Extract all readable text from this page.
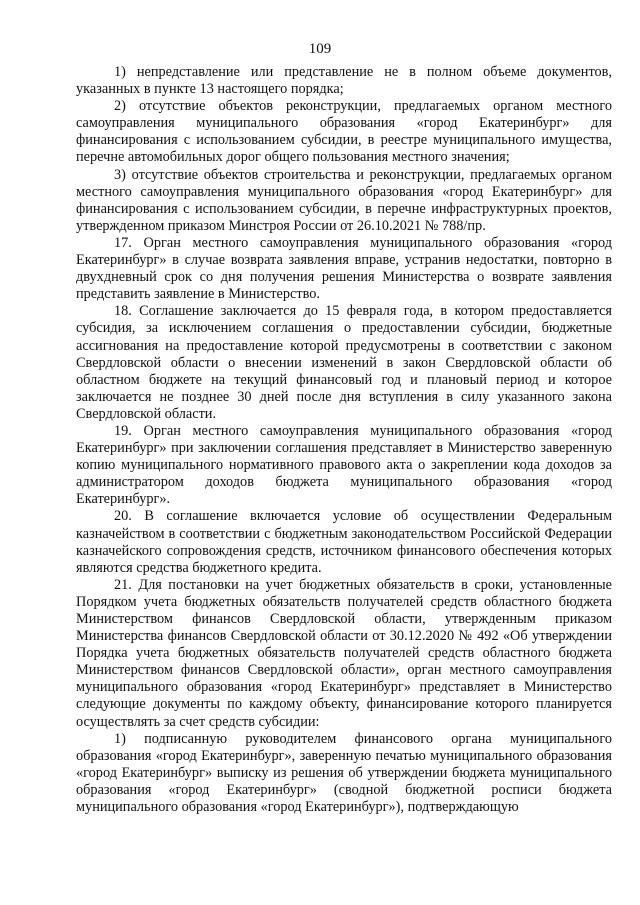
109

1) непредставление или представление не в полном объеме документов, указанных в пункте 13 настоящего порядка;

2) отсутствие объектов реконструкции, предлагаемых органом местного самоуправления муниципального образования «город Екатеринбург» для финансирования с использованием субсидии, в реестре муниципального имущества, перечне автомобильных дорог общего пользования местного значения;

3) отсутствие объектов строительства и реконструкции, предлагаемых органом местного самоуправления муниципального образования «город Екатеринбург» для финансирования с использованием субсидии, в перечне инфраструктурных проектов, утвержденном приказом Минстроя России от 26.10.2021 № 788/пр.

17. Орган местного самоуправления муниципального образования «город Екатеринбург» в случае возврата заявления вправе, устранив недостатки, повторно в двухдневный срок со дня получения решения Министерства о возврате заявления представить заявление в Министерство.

18. Соглашение заключается до 15 февраля года, в котором предоставляется субсидия, за исключением соглашения о предоставлении субсидии, бюджетные ассигнования на предоставление которой предусмотрены в соответствии с законом Свердловской области о внесении изменений в закон Свердловской области об областном бюджете на текущий финансовый год и плановый период и которое заключается не позднее 30 дней после дня вступления в силу указанного закона Свердловской области.

19. Орган местного самоуправления муниципального образования «город Екатеринбург» при заключении соглашения представляет в Министерство заверенную копию муниципального нормативного правового акта о закреплении кода доходов за администратором доходов бюджета муниципального образования «город Екатеринбург».

20. В соглашение включается условие об осуществлении Федеральным казначейством в соответствии с бюджетным законодательством Российской Федерации казначейского сопровождения средств, источником финансового обеспечения которых являются средства бюджетного кредита.

21. Для постановки на учет бюджетных обязательств в сроки, установленные Порядком учета бюджетных обязательств получателей средств областного бюджета Министерством финансов Свердловской области, утвержденным приказом Министерства финансов Свердловской области от 30.12.2020 № 492 «Об утверждении Порядка учета бюджетных обязательств получателей средств областного бюджета Министерством финансов Свердловской области», орган местного самоуправления муниципального образования «город Екатеринбург» представляет в Министерство следующие документы по каждому объекту, финансирование которого планируется осуществлять за счет средств субсидии:

1) подписанную руководителем финансового органа муниципального образования «город Екатеринбург», заверенную печатью муниципального образования «город Екатеринбург» выписку из решения об утверждении бюджета муниципального образования «город Екатеринбург» (сводной бюджетной росписи бюджета муниципального образования «город Екатеринбург»), подтверждающую
